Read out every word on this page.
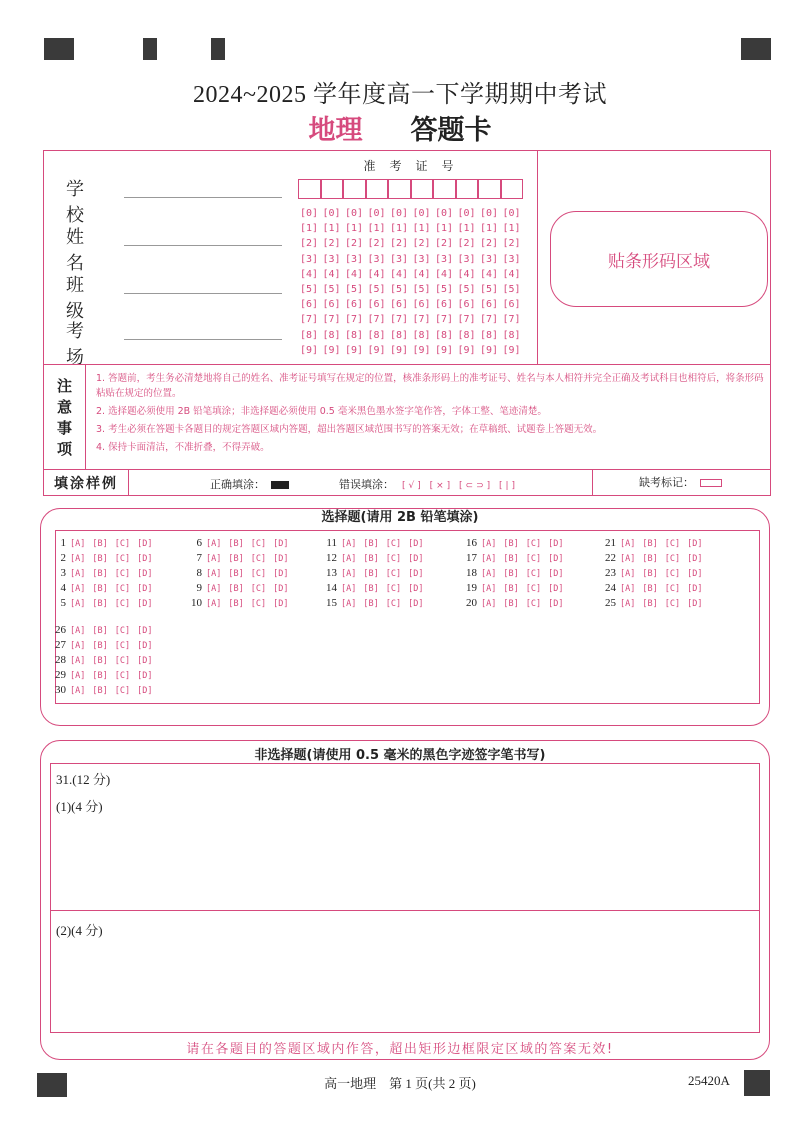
2024~2025 学年度高一下学期期中考试
地理 答题卡
学 校
姓 名
班 级
考 场
准考证号
[0] [0] [0] [0] [0] [0] [0] [0] [0] [0]
[1] [1] [1] [1] [1] [1] [1] [1] [1] [1]
[2] [2] [2] [2] [2] [2] [2] [2] [2] [2]
[3] [3] [3] [3] [3] [3] [3] [3] [3] [3]
[4] [4] [4] [4] [4] [4] [4] [4] [4] [4]
[5] [5] [5] [5] [5] [5] [5] [5] [5] [5]
[6] [6] [6] [6] [6] [6] [6] [6] [6] [6]
[7] [7] [7] [7] [7] [7] [7] [7] [7] [7]
[8] [8] [8] [8] [8] [8] [8] [8] [8] [8]
[9] [9] [9] [9] [9] [9] [9] [9] [9] [9]
贴条形码区域
注
意
事
项

1. 答题前，考生务必清楚地将自己的姓名、准考证号填写在规定的位置，核准条形码上的准考证号、姓名与本人相符并完全正确及考试科目也相符后，将条形码粘贴在规定的位置。

2. 选择题必须使用 2B 铅笔填涂；非选择题必须使用 0.5 毫米黑色墨水签字笔作答，字体工整、笔迹清楚。

3. 考生必须在答题卡各题目的规定答题区域内答题，超出答题区域范围书写的答案无效；在草稿纸、试题卷上答题无效。

4. 保持卡面清洁，不准折叠，不得弄破。

填涂样例	正确填涂：	错误填涂： [√] [×] [⊂⊃] [|]	缺考标记：
选择题(请用 2B 铅笔填涂)
1 [A] [B] [C] [D]
2 [A] [B] [C] [D]
3 [A] [B] [C] [D]
4 [A] [B] [C] [D]
5 [A] [B] [C] [D]
6 [A] [B] [C] [D]
7 [A] [B] [C] [D]
8 [A] [B] [C] [D]
9 [A] [B] [C] [D]
10 [A] [B] [C] [D]
11 [A] [B] [C] [D]
12 [A] [B] [C] [D]
13 [A] [B] [C] [D]
14 [A] [B] [C] [D]
15 [A] [B] [C] [D]
16 [A] [B] [C] [D]
17 [A] [B] [C] [D]
18 [A] [B] [C] [D]
19 [A] [B] [C] [D]
20 [A] [B] [C] [D]
21 [A] [B] [C] [D]
22 [A] [B] [C] [D]
23 [A] [B] [C] [D]
24 [A] [B] [C] [D]
25 [A] [B] [C] [D]
26 [A] [B] [C] [D]
27 [A] [B] [C] [D]
28 [A] [B] [C] [D]
29 [A] [B] [C] [D]
30 [A] [B] [C] [D]
非选择题(请使用 0.5 毫米的黑色字迹签字笔书写)
31.(12 分)
(1)(4 分)
(2)(4 分)
请在各题目的答题区域内作答，超出矩形边框限定区域的答案无效!
高一地理　第 1 页(共 2 页)	25420A
